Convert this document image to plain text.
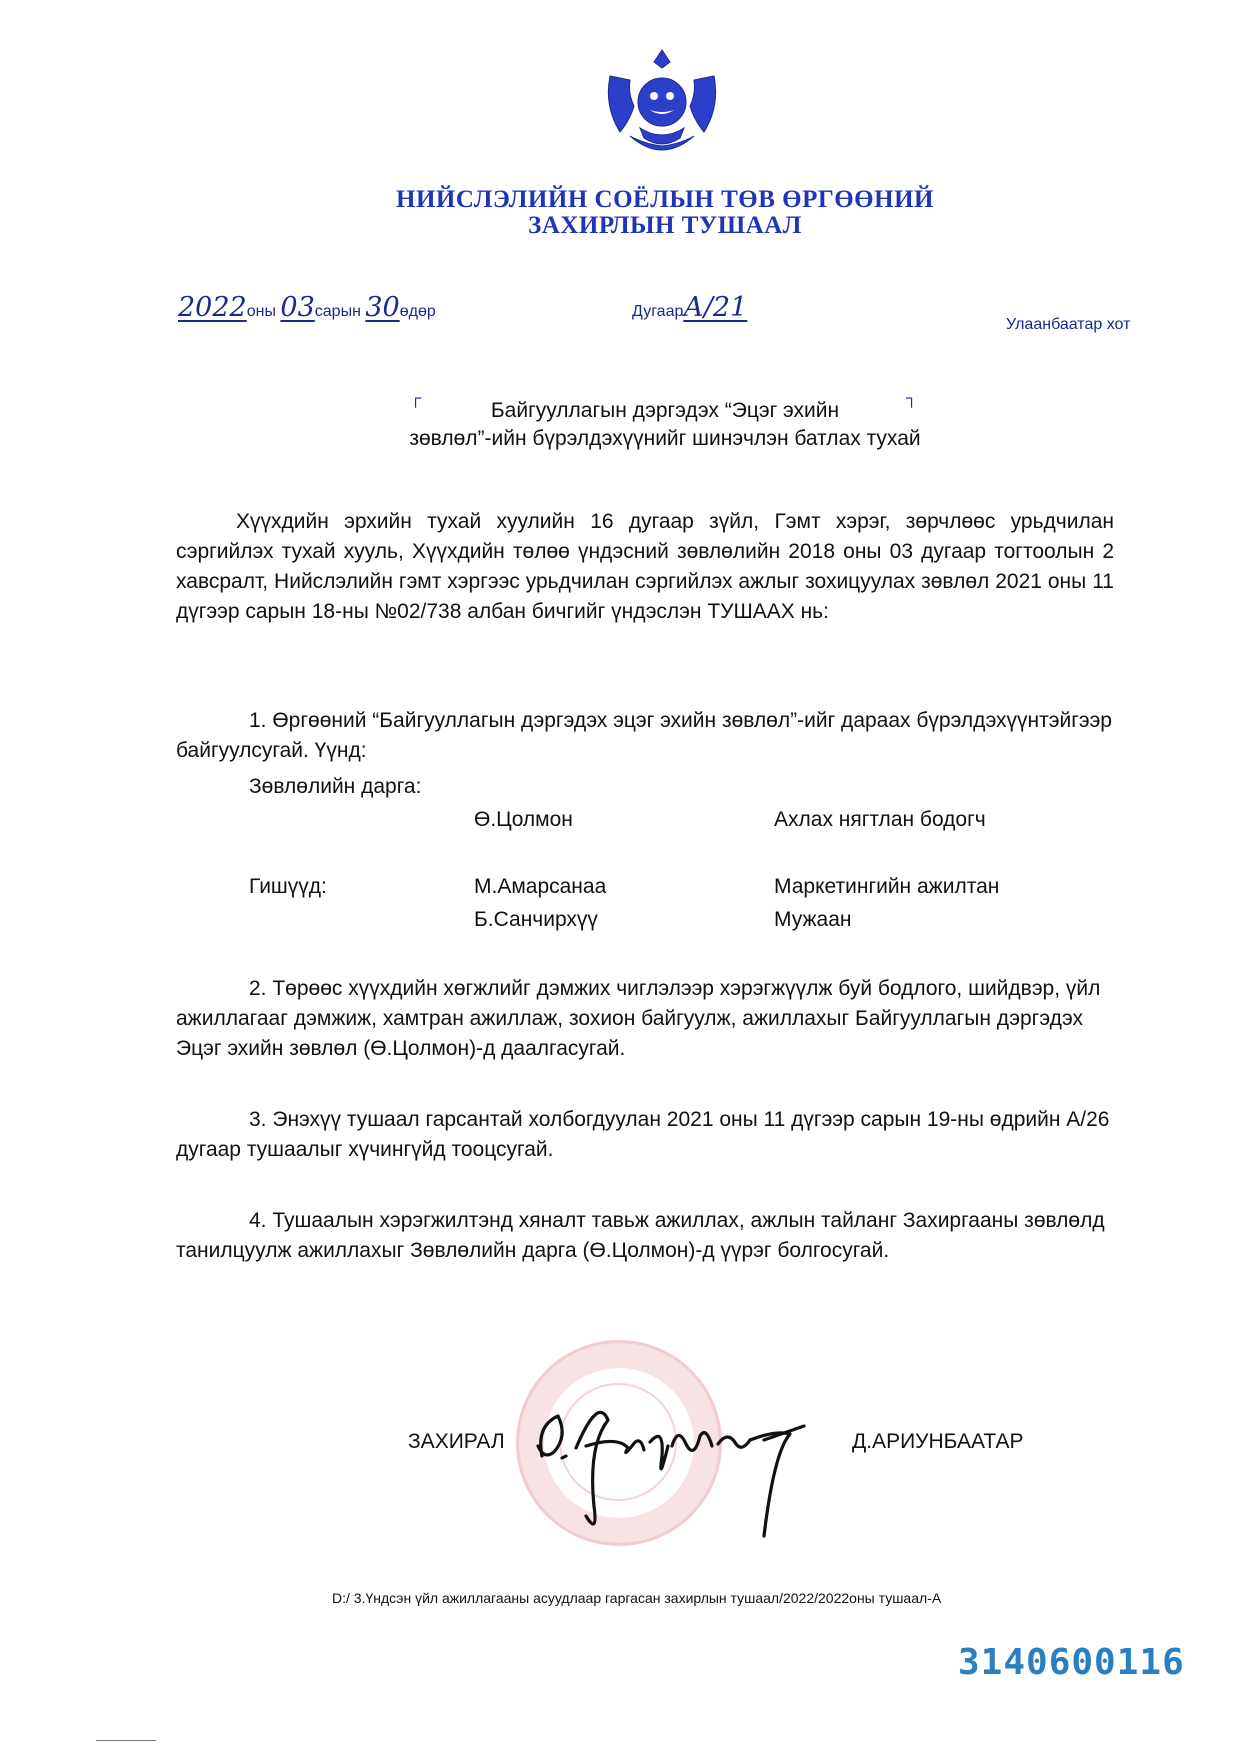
НИЙСЛЭЛИЙН СОЁЛЫН ТӨВ ӨРГӨӨНИЙ
ЗАХИРЛЫН ТУШААЛ
2022оны 03сарын 30өдөр	ДугаарА/21
Улаанбаатар хот
┌	┐
Байгууллагын дэргэдэх “Эцэг эхийн
зөвлөл”-ийн бүрэлдэхүүнийг шинэчлэн батлах тухай
Хүүхдийн эрхийн тухай хуулийн 16 дугаар зүйл, Гэмт хэрэг, зөрчлөөс урьдчилан сэргийлэх тухай хууль, Хүүхдийн төлөө үндэсний зөвлөлийн 2018 оны 03 дугаар тогтоолын 2 хавсралт, Нийслэлийн гэмт хэргээс урьдчилан сэргийлэх ажлыг зохицуулах зөвлөл 2021 оны 11 дүгээр сарын 18-ны №02/738 албан бичгийг үндэслэн ТУШААХ нь:
1. Өргөөний “Байгууллагын дэргэдэх эцэг эхийн зөвлөл”-ийг дараах бүрэлдэхүүнтэйгээр байгуулсугай. Үүнд:
Зөвлөлийн дарга:
Ө.Цолмон	Ахлах нягтлан бодогч
Гишүүд:	М.Амарсанаа	Маркетингийн ажилтан
Б.Санчирхүү	Мужаан
2. Төрөөс хүүхдийн хөгжлийг дэмжих чиглэлээр хэрэгжүүлж буй бодлого, шийдвэр, үйл ажиллагааг дэмжиж, хамтран ажиллаж, зохион байгуулж, ажиллахыг Байгууллагын дэргэдэх Эцэг эхийн зөвлөл (Ө.Цолмон)-д даалгасугай.
3. Энэхүү тушаал гарсантай холбогдуулан 2021 оны 11 дүгээр сарын 19-ны өдрийн А/26 дугаар тушаалыг хүчингүйд тооцсугай.
4. Тушаалын хэрэгжилтэнд хяналт тавьж ажиллах, ажлын тайланг Захиргааны зөвлөлд танилцуулж ажиллахыг Зөвлөлийн дарга (Ө.Цолмон)-д үүрэг болгосугай.
ЗАХИРАЛ	Д.АРИУНБААТАР
D:/ 3.Үндсэн үйл ажиллагааны асуудлаар гаргасан захирлын тушаал/2022/2022оны тушаал-А
3140600116
